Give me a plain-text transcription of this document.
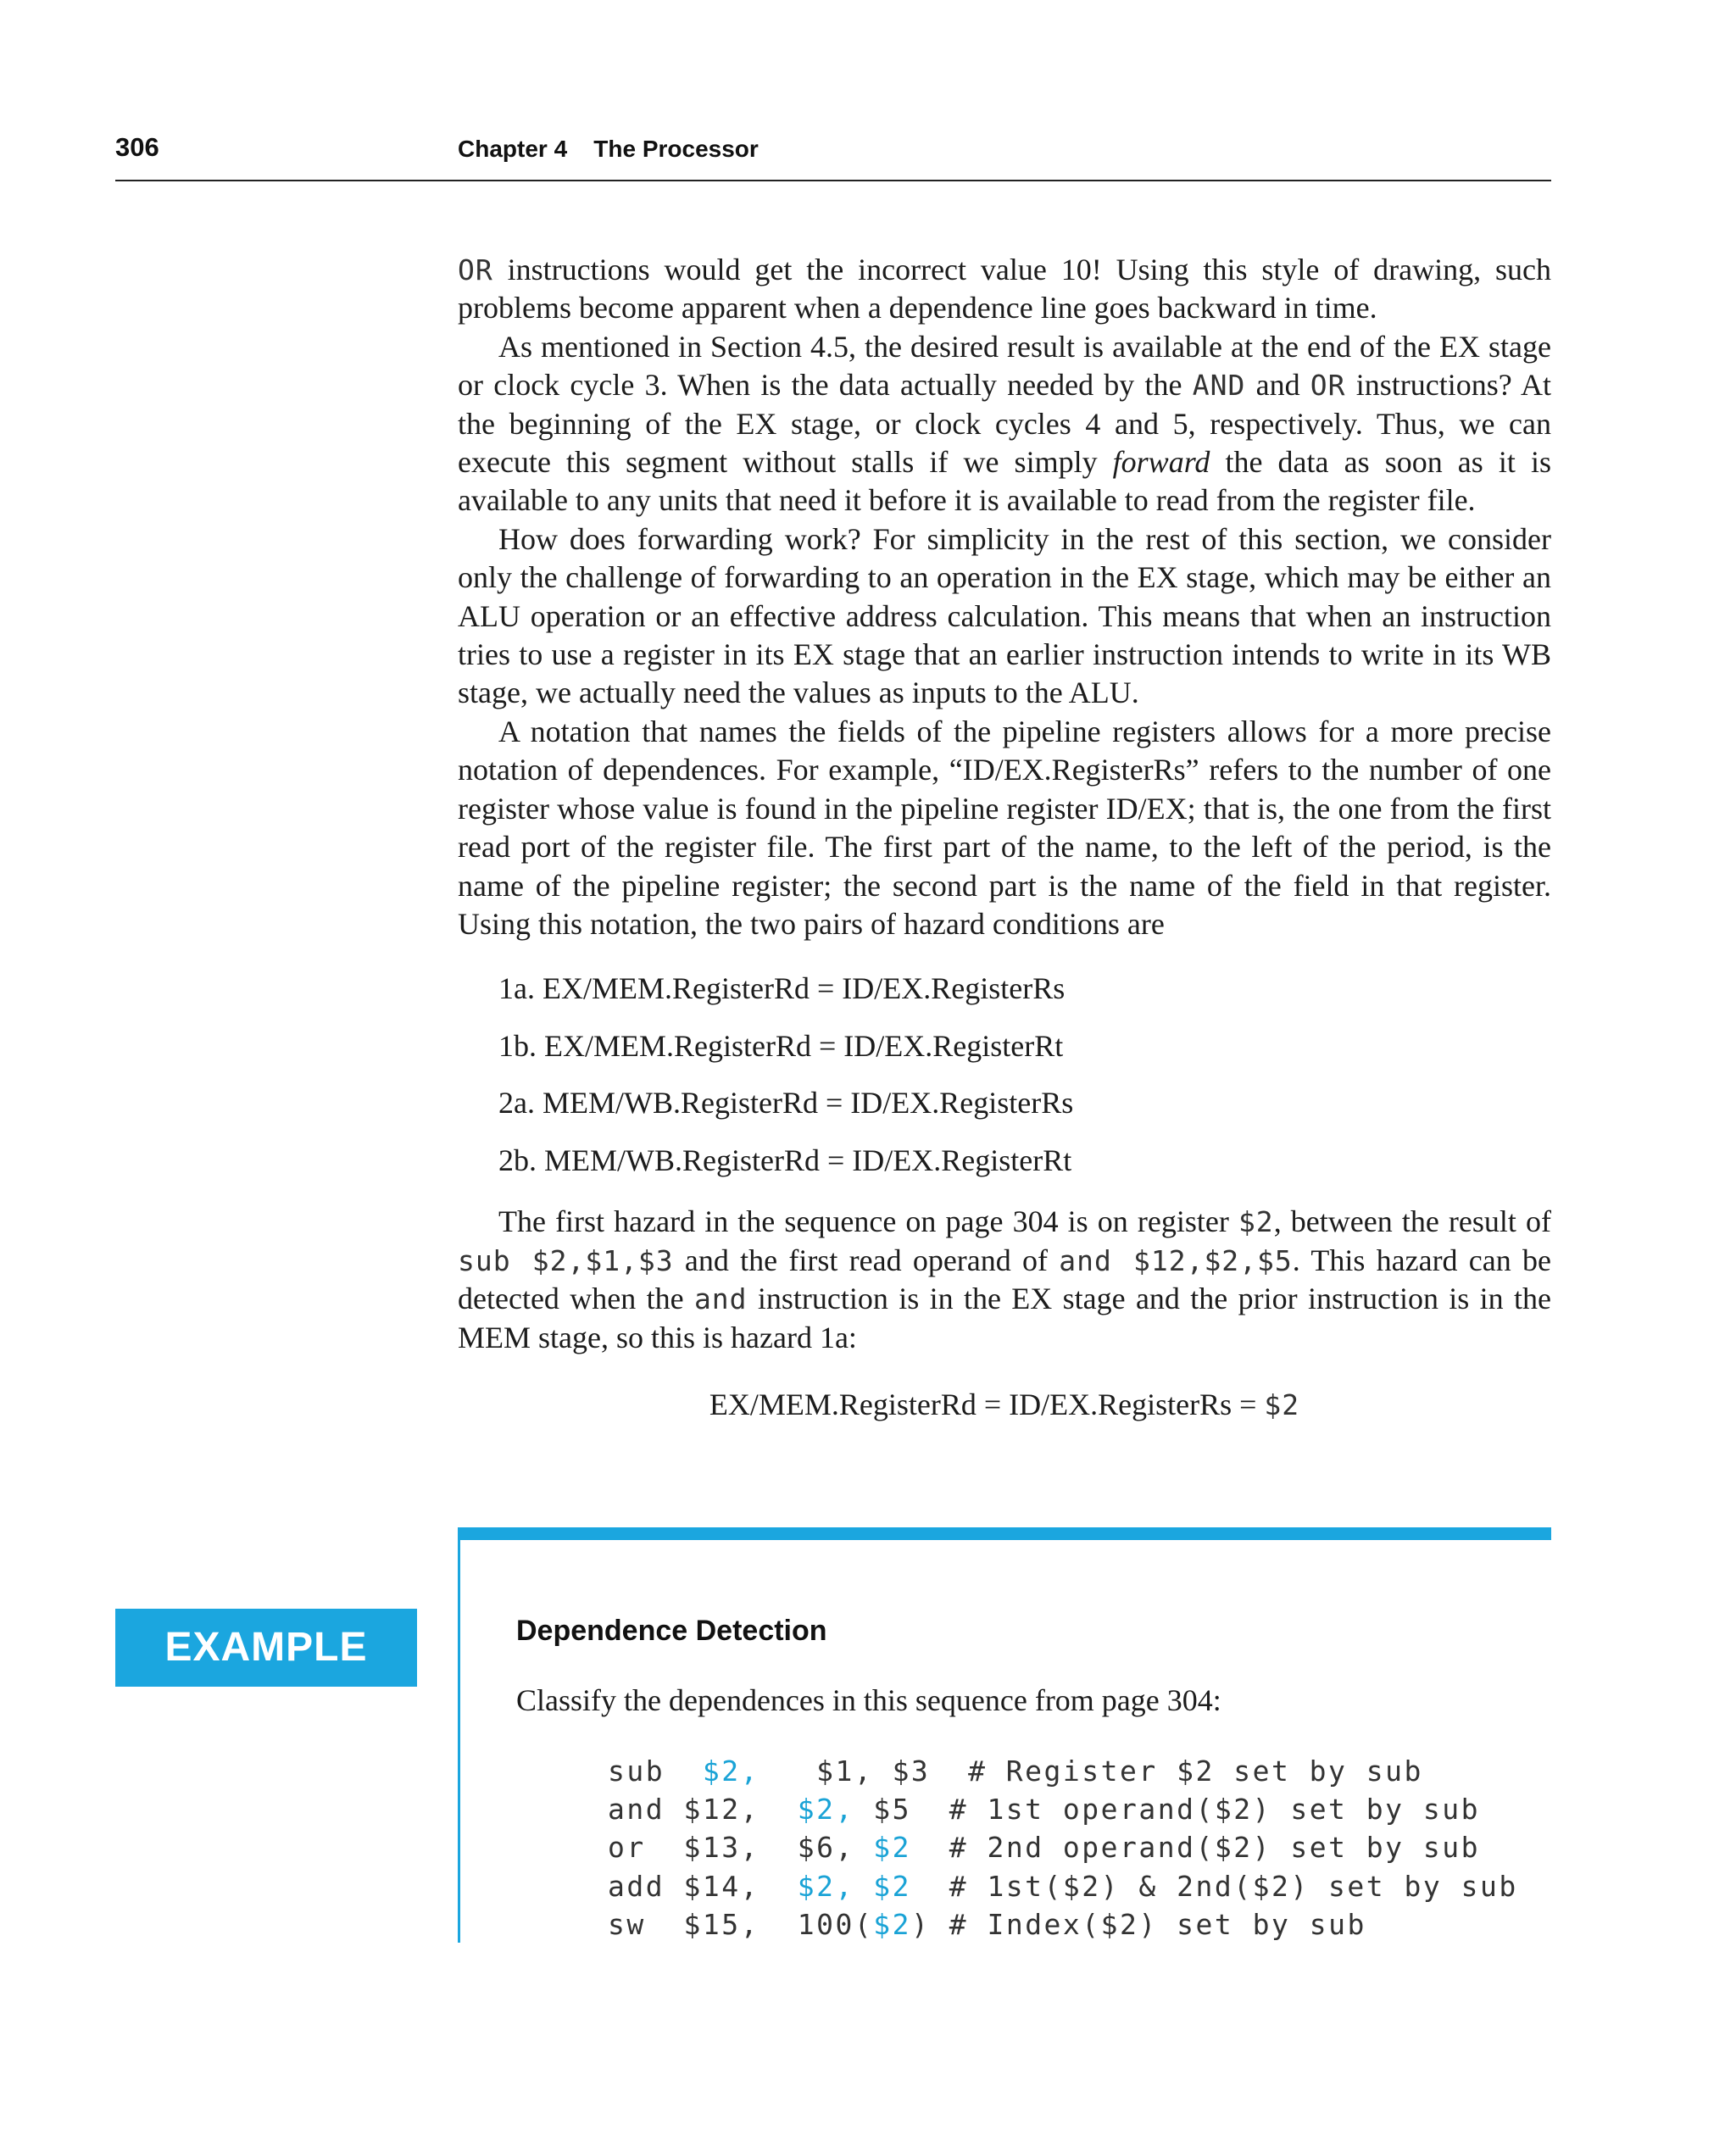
306	Chapter 4    The Processor

OR instructions would get the incorrect value 10! Using this style of drawing, such problems become apparent when a dependence line goes backward in time.

As mentioned in Section 4.5, the desired result is available at the end of the EX stage or clock cycle 3. When is the data actually needed by the AND and OR instructions? At the beginning of the EX stage, or clock cycles 4 and 5, respectively. Thus, we can execute this segment without stalls if we simply forward the data as soon as it is available to any units that need it before it is available to read from the register file.

How does forwarding work? For simplicity in the rest of this section, we consider only the challenge of forwarding to an operation in the EX stage, which may be either an ALU operation or an effective address calculation. This means that when an instruction tries to use a register in its EX stage that an earlier instruction intends to write in its WB stage, we actually need the values as inputs to the ALU.

A notation that names the fields of the pipeline registers allows for a more precise notation of dependences. For example, “ID/EX.RegisterRs” refers to the number of one register whose value is found in the pipeline register ID/EX; that is, the one from the first read port of the register file. The first part of the name, to the left of the period, is the name of the pipeline register; the second part is the name of the field in that register. Using this notation, the two pairs of hazard conditions are

1a. EX/MEM.RegisterRd = ID/EX.RegisterRs
1b. EX/MEM.RegisterRd = ID/EX.RegisterRt
2a. MEM/WB.RegisterRd = ID/EX.RegisterRs
2b. MEM/WB.RegisterRd = ID/EX.RegisterRt

The first hazard in the sequence on page 304 is on register $2, between the result of sub $2,$1,$3 and the first read operand of and $12,$2,$5. This hazard can be detected when the and instruction is in the EX stage and the prior instruction is in the MEM stage, so this is hazard 1a:

EX/MEM.RegisterRd = ID/EX.RegisterRs = $2
EXAMPLE	Dependence Detection
Classify the dependences in this sequence from page 304:
sub $2, $1, $3 # Register $2 set by sub
and $12, $2, $5 # 1st operand($2) set by sub
or $13, $6, $2 # 2nd operand($2) set by sub
add $14, $2, $2 # 1st($2) & 2nd($2) set by sub
sw $15, 100($2) # Index($2) set by sub
